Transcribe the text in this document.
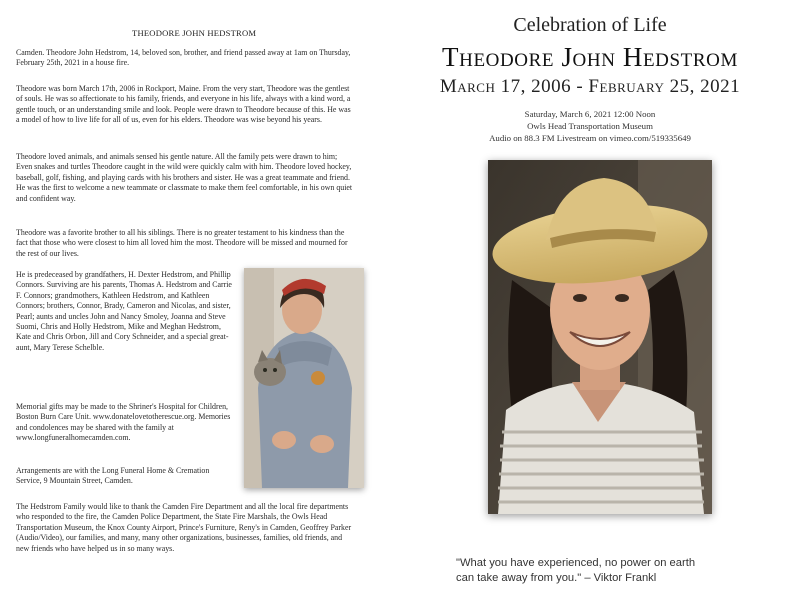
THEODORE JOHN HEDSTROM

Camden. Theodore John Hedstrom, 14, beloved son, brother, and friend passed away at 1am on Thursday, February 25th, 2021 in a house fire.

Theodore was born March 17th, 2006 in Rockport, Maine. From the very start, Theodore was the gentlest of souls. He was so affectionate to his family, friends, and everyone in his life, always with a kind word, a gentle touch, or an understanding smile and look. People were drawn to Theodore because of this. He was a model of how to live life for all of us, even for his elders. Theodore was wise beyond his years.

Theodore loved animals, and animals sensed his gentle nature. All the family pets were drawn to him; Even snakes and turtles Theodore caught in the wild were quickly calm with him. Theodore loved hockey, baseball, golf, fishing, and playing cards with his brothers and sister. He was a great teammate and friend. He was the first to welcome a new teammate or classmate to make them feel comfortable, in his own quiet and confident way.

Theodore was a favorite brother to all his siblings. There is no greater testament to his kindness than the fact that those who were closest to him all loved him the most. Theodore will be missed and mourned for the rest of our lives.

He is predeceased by grandfathers, H. Dexter Hedstrom, and Phillip Connors. Surviving are his parents, Thomas A. Hedstrom and Carrie F. Connors; grandmothers, Kathleen Hedstrom, and Kathleen Connors; brothers, Connor, Brady, Cameron and Nicolas, and sister, Pearl; aunts and uncles John and Nancy Smoley, Joanna and Steve Suomi, Chris and Holly Hedstrom, Mike and Meghan Hedstrom, Kate and Chris Orbon, Jill and Cory Schneider, and a special great-aunt, Mary Terese Schelble.

Memorial gifts may be made to the Shriner's Hospital for Children, Boston Burn Care Unit. www.donatelovetotherescue.org. Memories and condolences may be shared with the family at www.longfuneralhomecamden.com.

Arrangements are with the Long Funeral Home & Cremation Service, 9 Mountain Street, Camden.

The Hedstrom Family would like to thank the Camden Fire Department and all the local fire departments who responded to the fire, the Camden Police Department, the State Fire Marshals, the Owls Head Transportation Museum, the Knox County Airport, Prince's Furniture, Reny's in Camden, Geoffrey Parker (Audio/Video), our families, and many, many other organizations, businesses, families, old friends, and new friends who have helped us in so many ways.

Celebration of Life
Theodore John Hedstrom
March 17, 2006 - February 25, 2021
Saturday, March 6, 2021 12:00 Noon
Owls Head Transportation Museum
Audio on 88.3 FM Livestream on vimeo.com/519335649
"What you have experienced, no power on earth
can take away from you." – Viktor Frankl
